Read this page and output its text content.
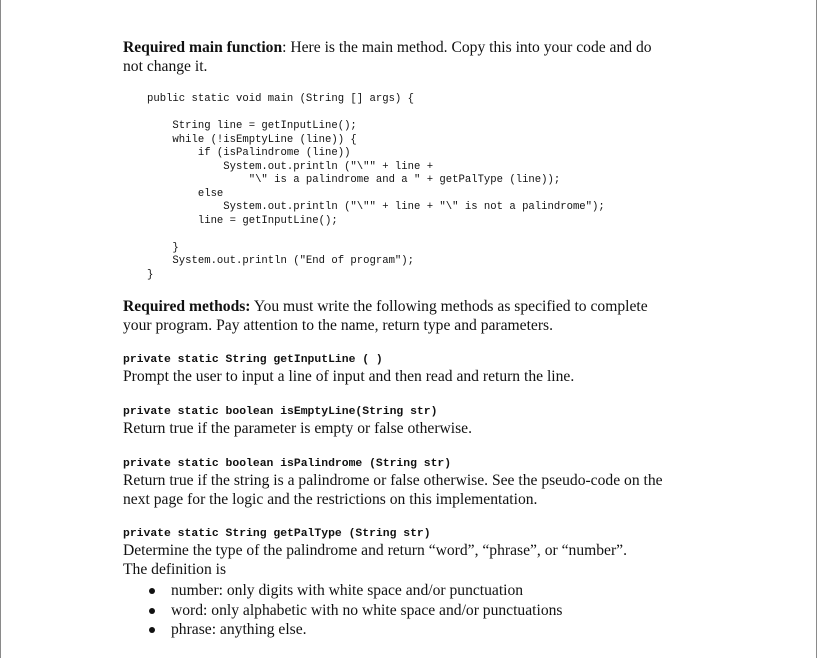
Required main function: Here is the main method. Copy this into your code and do
not change it.

public static void main (String [] args) {

String line = getInputLine();
while (!isEmptyLine (line)) {
if (isPalindrome (line))
System.out.println ("\"" + line +
"\" is a palindrome and a " + getPalType (line));
else
System.out.println ("\"" + line + "\" is not a palindrome");
line = getInputLine();

}
System.out.println ("End of program");
}

Required methods: You must write the following methods as specified to complete
your program. Pay attention to the name, return type and parameters.

private static String getInputLine ( )

Prompt the user to input a line of input and then read and return the line.

private static boolean isEmptyLine(String str)

Return true if the parameter is empty or false otherwise.

private static boolean isPalindrome (String str)

Return true if the string is a palindrome or false otherwise. See the pseudo-code on the

next page for the logic and the restrictions on this implementation.

private static String getPalType (String str)

Determine the type of the palindrome and return “word”, “phrase”, or “number”.

The definition is

number: only digits with white space and/or punctuation
word: only alphabetic with no white space and/or punctuations
phrase: anything else.
